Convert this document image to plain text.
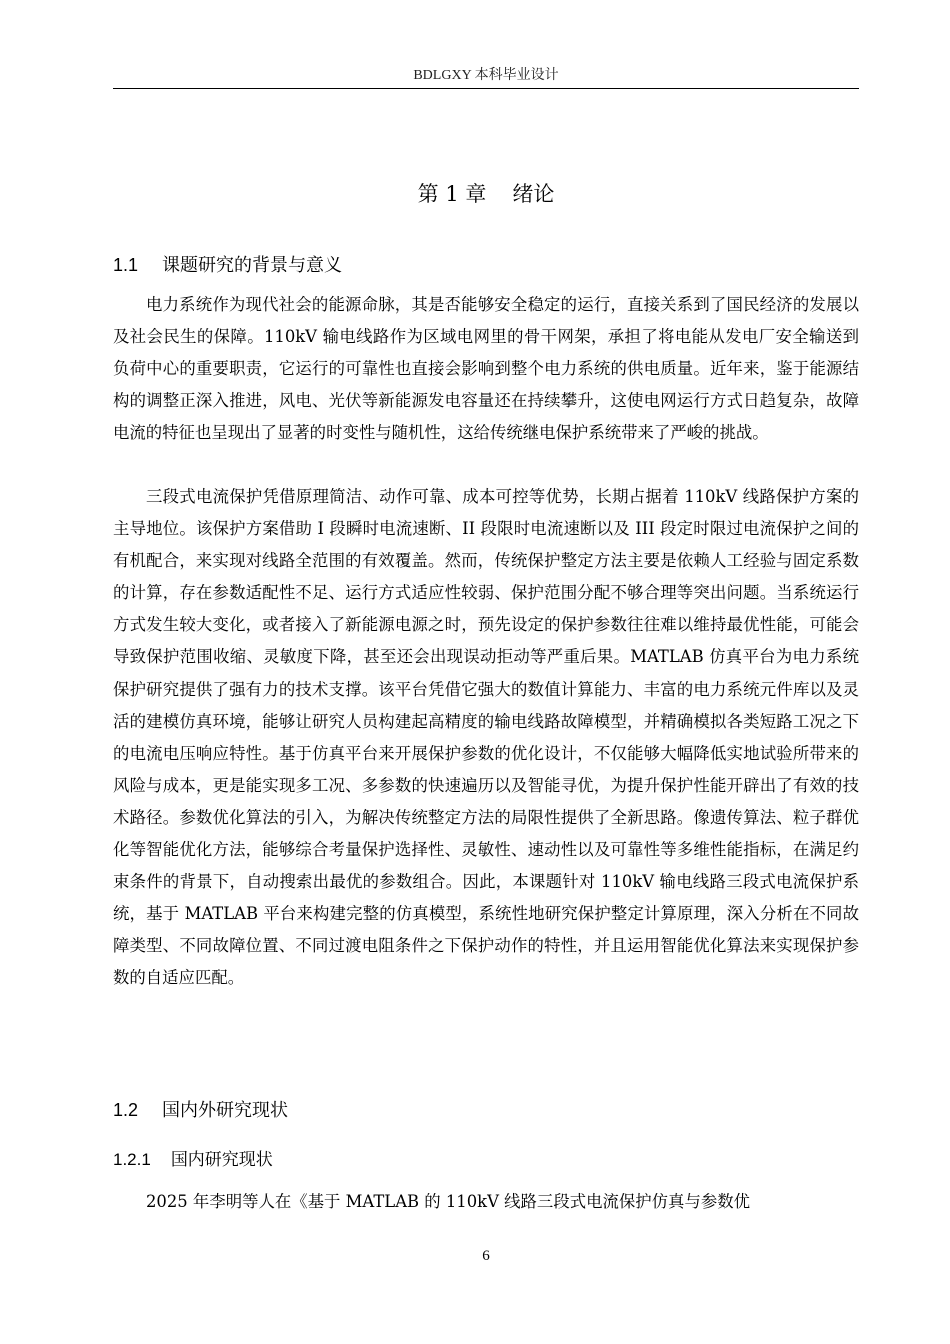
BDLGXY 本科毕业设计
第 1 章 绪论
1.1 课题研究的背景与意义

电力系统作为现代社会的能源命脉，其是否能够安全稳定的运行，直接关系到了国民经济的发展以及社会民生的保障。110kV 输电线路作为区域电网里的骨干网架，承担了将电能从发电厂安全输送到负荷中心的重要职责，它运行的可靠性也直接会影响到整个电力系统的供电质量。近年来，鉴于能源结构的调整正深入推进，风电、光伏等新能源发电容量还在持续攀升，这使电网运行方式日趋复杂，故障电流的特征也呈现出了显著的时变性与随机性，这给传统继电保护系统带来了严峻的挑战。

三段式电流保护凭借原理简洁、动作可靠、成本可控等优势，长期占据着 110kV 线路保护方案的主导地位。该保护方案借助 I 段瞬时电流速断、II 段限时电流速断以及 III 段定时限过电流保护之间的有机配合，来实现对线路全范围的有效覆盖。然而，传统保护整定方法主要是依赖人工经验与固定系数的计算，存在参数适配性不足、运行方式适应性较弱、保护范围分配不够合理等突出问题。当系统运行方式发生较大变化，或者接入了新能源电源之时，预先设定的保护参数往往难以维持最优性能，可能会导致保护范围收缩、灵敏度下降，甚至还会出现误动拒动等严重后果。MATLAB 仿真平台为电力系统保护研究提供了强有力的技术支撑。该平台凭借它强大的数值计算能力、丰富的电力系统元件库以及灵活的建模仿真环境，能够让研究人员构建起高精度的输电线路故障模型，并精确模拟各类短路工况之下的电流电压响应特性。基于仿真平台来开展保护参数的优化设计，不仅能够大幅降低实地试验所带来的风险与成本，更是能实现多工况、多参数的快速遍历以及智能寻优，为提升保护性能开辟出了有效的技术路径。参数优化算法的引入，为解决传统整定方法的局限性提供了全新思路。像遗传算法、粒子群优化等智能优化方法，能够综合考量保护选择性、灵敏性、速动性以及可靠性等多维性能指标，在满足约束条件的背景下，自动搜索出最优的参数组合。因此，本课题针对 110kV 输电线路三段式电流保护系统，基于 MATLAB 平台来构建完整的仿真模型，系统性地研究保护整定计算原理，深入分析在不同故障类型、不同故障位置、不同过渡电阻条件之下保护动作的特性，并且运用智能优化算法来实现保护参数的自适应匹配。

1.2 国内外研究现状
1.2.1 国内研究现状

2025 年李明等人在《基于 MATLAB 的 110kV 线路三段式电流保护仿真与参数优

6
